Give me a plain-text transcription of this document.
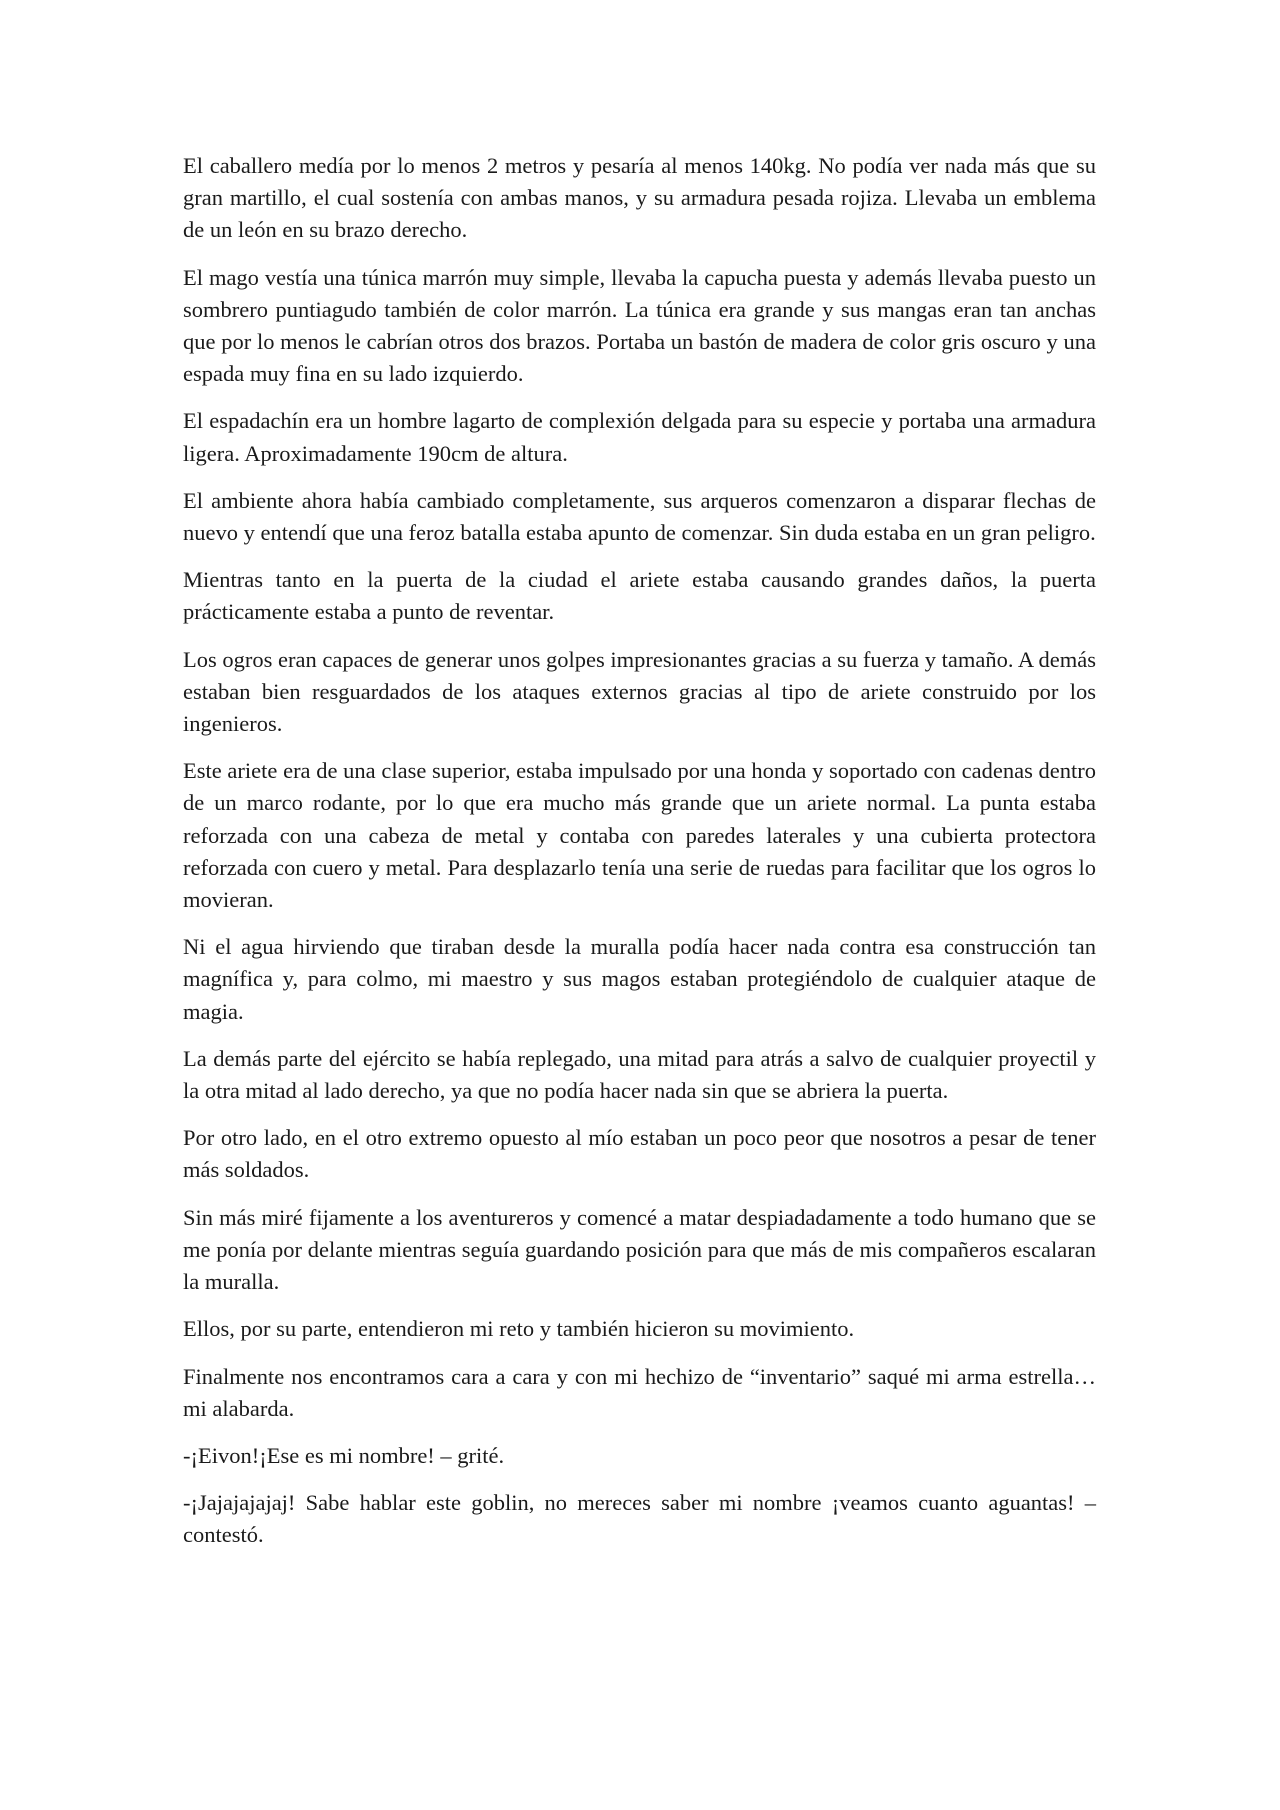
El caballero medía por lo menos 2 metros y pesaría al menos 140kg. No podía ver nada más que su gran martillo, el cual sostenía con ambas manos, y su armadura pesada rojiza. Llevaba un emblema de un león en su brazo derecho.

El mago vestía una túnica marrón muy simple, llevaba la capucha puesta y además llevaba puesto un sombrero puntiagudo también de color marrón. La túnica era grande y sus mangas eran tan anchas que por lo menos le cabrían otros dos brazos. Portaba un bastón de madera de color gris oscuro y una espada muy fina en su lado izquierdo.

El espadachín era un hombre lagarto de complexión delgada para su especie y portaba una armadura ligera. Aproximadamente 190cm de altura.

El ambiente ahora había cambiado completamente, sus arqueros comenzaron a disparar flechas de nuevo y entendí que una feroz batalla estaba apunto de comenzar. Sin duda estaba en un gran peligro.

Mientras tanto en la puerta de la ciudad el ariete estaba causando grandes daños, la puerta prácticamente estaba a punto de reventar.

Los ogros eran capaces de generar unos golpes impresionantes gracias a su fuerza y tamaño. A demás estaban bien resguardados de los ataques externos gracias al tipo de ariete construido por los ingenieros.

Este ariete era de una clase superior, estaba impulsado por una honda y soportado con cadenas dentro de un marco rodante, por lo que era mucho más grande que un ariete normal. La punta estaba reforzada con una cabeza de metal y contaba con paredes laterales y una cubierta protectora reforzada con cuero y metal. Para desplazarlo tenía una serie de ruedas para facilitar que los ogros lo movieran.

Ni el agua hirviendo que tiraban desde la muralla podía hacer nada contra esa construcción tan magnífica y, para colmo, mi maestro y sus magos estaban protegiéndolo de cualquier ataque de magia.

La demás parte del ejército se había replegado, una mitad para atrás a salvo de cualquier proyectil y la otra mitad al lado derecho, ya que no podía hacer nada sin que se abriera la puerta.

Por otro lado, en el otro extremo opuesto al mío estaban un poco peor que nosotros a pesar de tener más soldados.

Sin más miré fijamente a los aventureros y comencé a matar despiadadamente a todo humano que se me ponía por delante mientras seguía guardando posición para que más de mis compañeros escalaran la muralla.

Ellos, por su parte, entendieron mi reto y también hicieron su movimiento.

Finalmente nos encontramos cara a cara y con mi hechizo de “inventario” saqué mi arma estrella… mi alabarda.

-¡Eivon!¡Ese es mi nombre! – grité.

-¡Jajajajajaj! Sabe hablar este goblin, no mereces saber mi nombre ¡veamos cuanto aguantas! – contestó.
